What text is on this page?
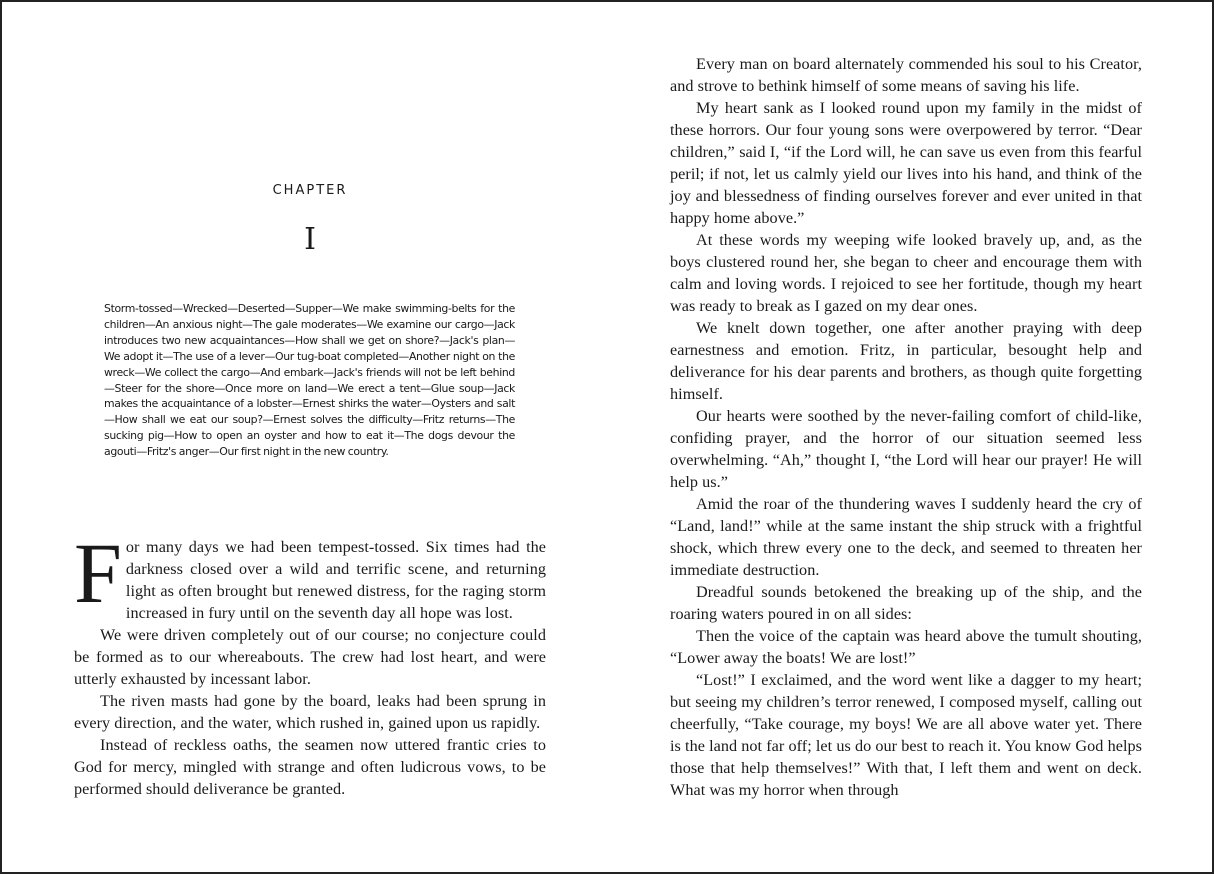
CHAPTER
I

Storm-tossed—Wrecked—Deserted—Supper—We make swimming-belts for the children—An anxious night—The gale moderates—We examine our cargo—Jack introduces two new acquaintances—How shall we get on shore?—Jack's plan—We adopt it—The use of a lever—Our tug-boat completed—Another night on the wreck—We collect the cargo—And embark—Jack's friends will not be left behind—Steer for the shore—Once more on land—We erect a tent—Glue soup—Jack makes the acquaintance of a lobster—Ernest shirks the water—Oysters and salt—How shall we eat our soup?—Ernest solves the difficulty—Fritz returns—The sucking pig—How to open an oyster and how to eat it—The dogs devour the agouti—Fritz's anger—Our first night in the new country.

For many days we had been tempest-tossed. Six times had the darkness closed over a wild and terrific scene, and returning light as often brought but renewed distress, for the raging storm increased in fury until on the seventh day all hope was lost.

We were driven completely out of our course; no conjecture could be formed as to our whereabouts. The crew had lost heart, and were utterly exhausted by incessant labor.

The riven masts had gone by the board, leaks had been sprung in every direction, and the water, which rushed in, gained upon us rapidly.

Instead of reckless oaths, the seamen now uttered frantic cries to God for mercy, mingled with strange and often ludicrous vows, to be performed should deliverance be granted.

Every man on board alternately commended his soul to his Creator, and strove to bethink himself of some means of saving his life.

My heart sank as I looked round upon my family in the midst of these horrors. Our four young sons were overpowered by terror. “Dear children,” said I, “if the Lord will, he can save us even from this fearful peril; if not, let us calmly yield our lives into his hand, and think of the joy and blessedness of finding ourselves forever and ever united in that happy home above.”

At these words my weeping wife looked bravely up, and, as the boys clustered round her, she began to cheer and encourage them with calm and loving words. I rejoiced to see her fortitude, though my heart was ready to break as I gazed on my dear ones.

We knelt down together, one after another praying with deep earnestness and emotion. Fritz, in particular, besought help and deliverance for his dear parents and brothers, as though quite forgetting himself.

Our hearts were soothed by the never-failing comfort of child-like, confiding prayer, and the horror of our situation seemed less overwhelming. “Ah,” thought I, “the Lord will hear our prayer! He will help us.”

Amid the roar of the thundering waves I suddenly heard the cry of “Land, land!” while at the same instant the ship struck with a frightful shock, which threw every one to the deck, and seemed to threaten her immediate destruction.

Dreadful sounds betokened the breaking up of the ship, and the roaring waters poured in on all sides:

Then the voice of the captain was heard above the tumult shouting, “Lower away the boats! We are lost!”

“Lost!” I exclaimed, and the word went like a dagger to my heart; but seeing my children’s terror renewed, I composed myself, calling out cheerfully, “Take courage, my boys! We are all above water yet. There is the land not far off; let us do our best to reach it. You know God helps those that help themselves!” With that, I left them and went on deck. What was my horror when through
